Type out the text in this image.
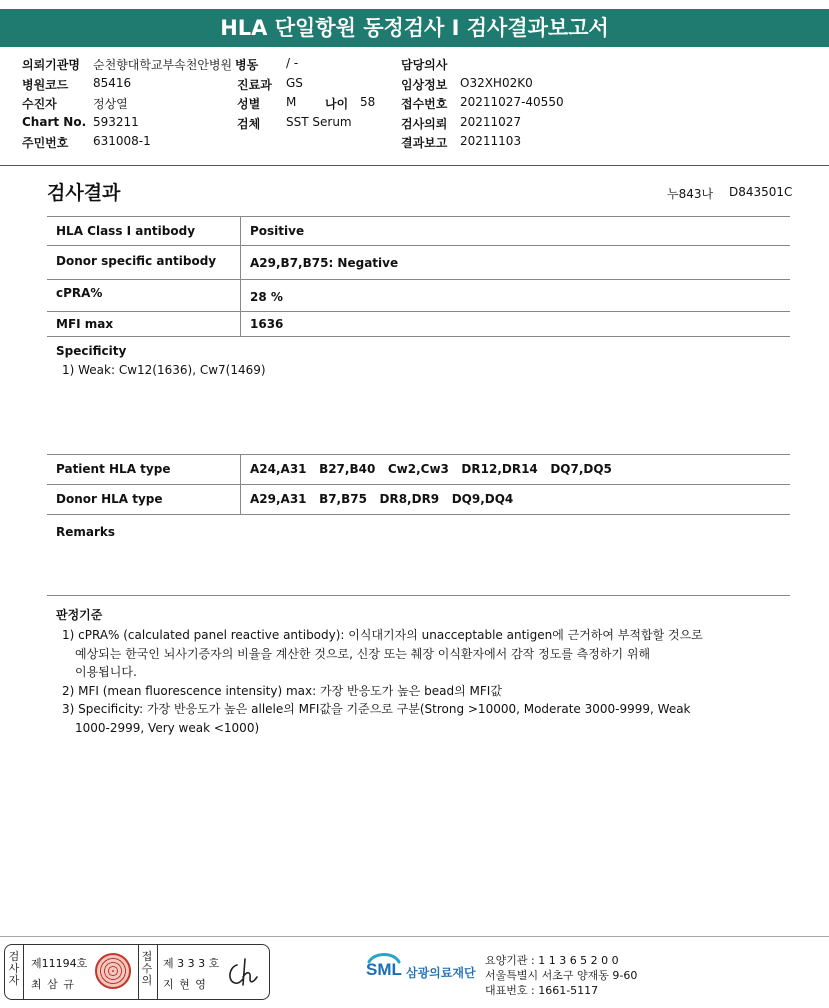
HLA 단일항원 동정검사 I 검사결과보고서
의뢰기관명 순천향대학교부속천안병원 병동 / -	담당의사
병원코드 85416	진료과 GS	임상정보 O32XH02K0
수진자	정상열	성별 M 나이 58 접수번호 20211027-40550
Chart No. 593211	검체 SST Serum	검사의뢰 20211027
주민번호 631008-1	결과보고 20211103
검사결과	누843나 D843501C
HLA Class I antibody	Positive
Donor specific antibody	A29,B7,B75: Negative
cPRA%	28 %
MFI max	1636
Specificity
1) Weak: Cw12(1636), Cw7(1469)
Patient HLA type	A24,A31   B27,B40   Cw2,Cw3   DR12,DR14   DQ7,DQ5
Donor HLA type	A29,A31   B7,B75   DR8,DR9   DQ9,DQ4
Remarks
판정기준

1) cPRA% (calculated panel reactive antibody): 이식대기자의 unacceptable antigen에 근거하여 부적합할 것으로

예상되는 한국인 뇌사기증자의 비율을 계산한 것으로, 신장 또는 췌장 이식환자에서 감작 정도를 측정하기 위해

이용됩니다.

2) MFI (mean fluorescence intensity) max: 가장 반응도가 높은 bead의 MFI값

3) Specificity: 가장 반응도가 높은 allele의 MFI값을 기준으로 구분(Strong >10000, Moderate 3000-9999, Weak

1000-2999, Very weak <1000)

검사자
제11194호
최 삼 규
접수의
제 3 3 3 호
지 현 영
SML 삼광의료재단
요양기관 : 1 1 3 6 5 2 0 0
서울특별시 서초구 양재동 9-60
대표번호 : 1661-5117
